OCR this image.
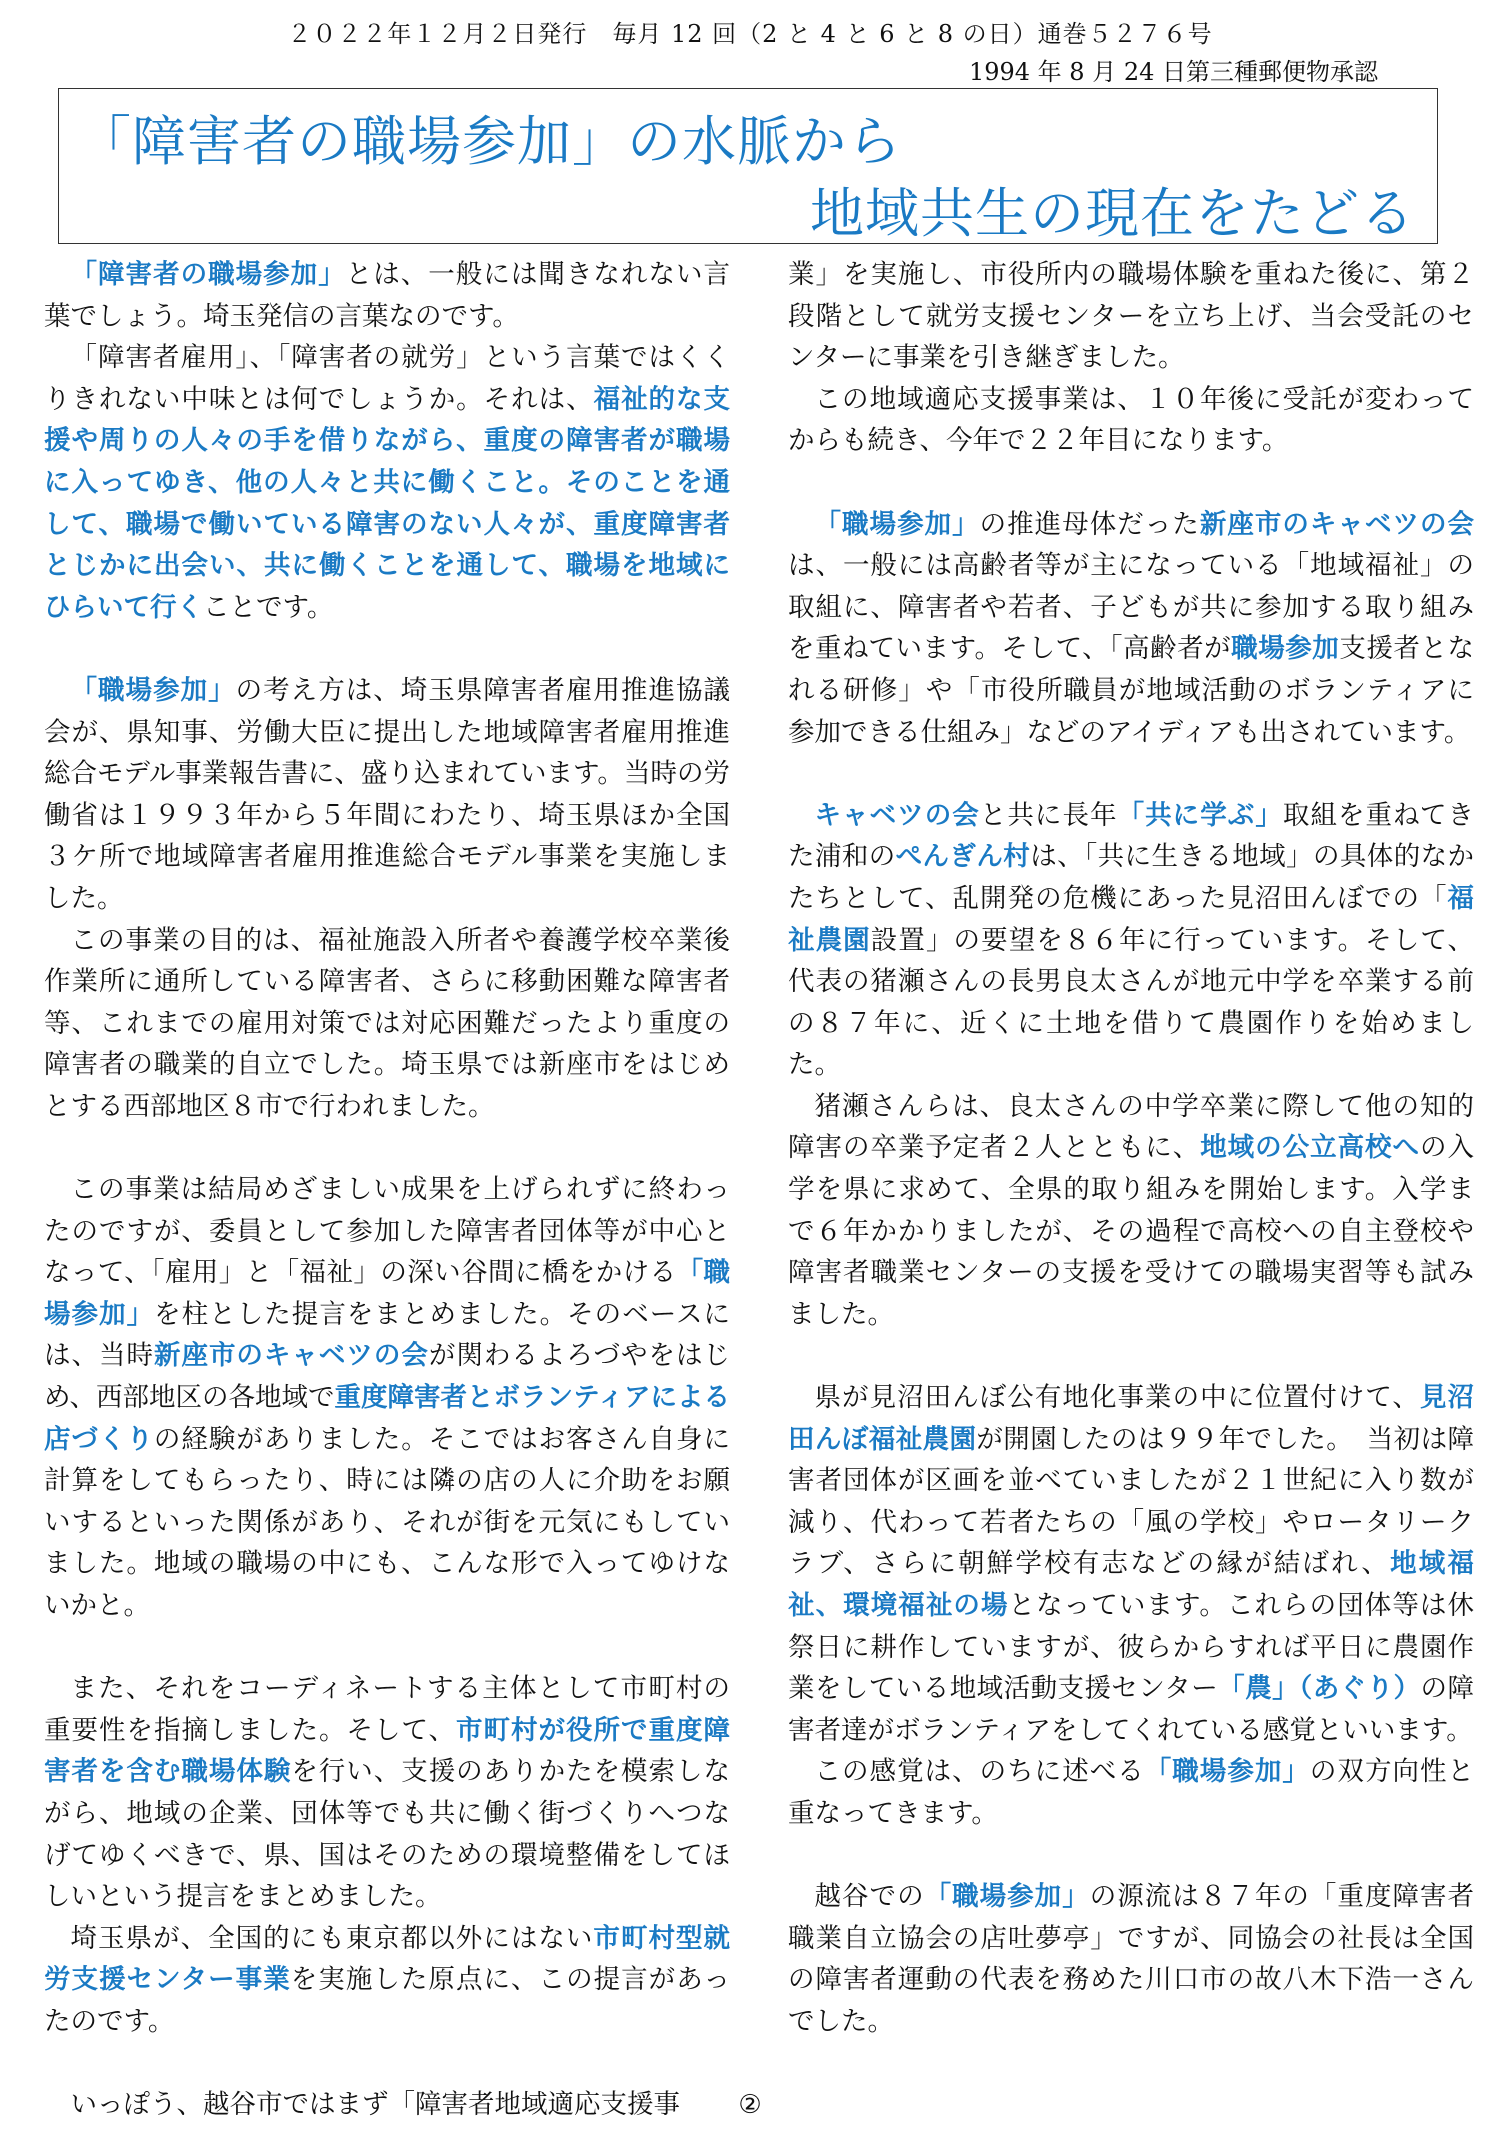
２０２２年１２月２日発行　毎月 12 回（2 と 4 と 6 と 8 の日）通巻５２７６号
1994 年 8 月 24 日第三種郵便物承認
「障害者の職場参加」の水脈から
地域共生の現在をたどる

「障害者の職場参加」とは、一般には聞きなれない言葉でしょう。埼玉発信の言葉なのです。

「障害者雇用」、「障害者の就労」という言葉ではくくりきれない中味とは何でしょうか。それは、福祉的な支援や周りの人々の手を借りながら、重度の障害者が職場に入ってゆき、他の人々と共に働くこと。そのことを通して、職場で働いている障害のない人々が、重度障害者とじかに出会い、共に働くことを通して、職場を地域にひらいて行くことです。

「職場参加」の考え方は、埼玉県障害者雇用推進協議会が、県知事、労働大臣に提出した地域障害者雇用推進総合モデル事業報告書に、盛り込まれています。当時の労働省は１９９３年から５年間にわたり、埼玉県ほか全国３ケ所で地域障害者雇用推進総合モデル事業を実施しました。

この事業の目的は、福祉施設入所者や養護学校卒業後作業所に通所している障害者、さらに移動困難な障害者等、これまでの雇用対策では対応困難だったより重度の障害者の職業的自立でした。埼玉県では新座市をはじめとする西部地区８市で行われました。

この事業は結局めざましい成果を上げられずに終わったのですが、委員として参加した障害者団体等が中心となって、「雇用」と「福祉」の深い谷間に橋をかける「職場参加」を柱とした提言をまとめました。そのベースには、当時新座市のキャベツの会が関わるよろづやをはじめ、西部地区の各地域で重度障害者とボランティアによる店づくりの経験がありました。そこではお客さん自身に計算をしてもらったり、時には隣の店の人に介助をお願いするといった関係があり、それが街を元気にもしていました。地域の職場の中にも、こんな形で入ってゆけないかと。

また、それをコーディネートする主体として市町村の重要性を指摘しました。そして、市町村が役所で重度障害者を含む職場体験を行い、支援のありかたを模索しながら、地域の企業、団体等でも共に働く街づくりへつなげてゆくべきで、県、国はそのための環境整備をしてほしいという提言をまとめました。

埼玉県が、全国的にも東京都以外にはない市町村型就労支援センター事業を実施した原点に、この提言があったのです。

いっぽう、越谷市ではまず「障害者地域適応支援事

業」を実施し、市役所内の職場体験を重ねた後に、第２段階として就労支援センターを立ち上げ、当会受託のセンターに事業を引き継ぎました。

この地域適応支援事業は、１０年後に受託が変わってからも続き、今年で２２年目になります。

「職場参加」の推進母体だった新座市のキャベツの会は、一般には高齢者等が主になっている「地域福祉」の取組に、障害者や若者、子どもが共に参加する取り組みを重ねています。そして、「高齢者が職場参加支援者となれる研修」や「市役所職員が地域活動のボランティアに参加できる仕組み」などのアイディアも出されています。

キャベツの会と共に長年「共に学ぶ」取組を重ねてきた浦和のぺんぎん村は、「共に生きる地域」の具体的なかたちとして、乱開発の危機にあった見沼田んぼでの「福祉農園設置」の要望を８６年に行っています。そして、代表の猪瀬さんの長男良太さんが地元中学を卒業する前の８７年に、近くに土地を借りて農園作りを始めました。

猪瀬さんらは、良太さんの中学卒業に際して他の知的障害の卒業予定者２人とともに、地域の公立高校への入学を県に求めて、全県的取り組みを開始します。入学まで６年かかりましたが、その過程で高校への自主登校や障害者職業センターの支援を受けての職場実習等も試みました。

県が見沼田んぼ公有地化事業の中に位置付けて、見沼田んぼ福祉農園が開園したのは９９年でした。　当初は障害者団体が区画を並べていましたが２１世紀に入り数が減り、代わって若者たちの「風の学校」やロータリークラブ、さらに朝鮮学校有志などの縁が結ばれ、地域福祉、環境福祉の場となっています。これらの団体等は休祭日に耕作していますが、彼らからすれば平日に農園作業をしている地域活動支援センター「農」（あぐり）の障害者達がボランティアをしてくれている感覚といいます。

この感覚は、のちに述べる「職場参加」の双方向性と重なってきます。

越谷での「職場参加」の源流は８７年の「重度障害者職業自立協会の店吐夢亭」ですが、同協会の社長は全国の障害者運動の代表を務めた川口市の故八木下浩一さんでした。

②
